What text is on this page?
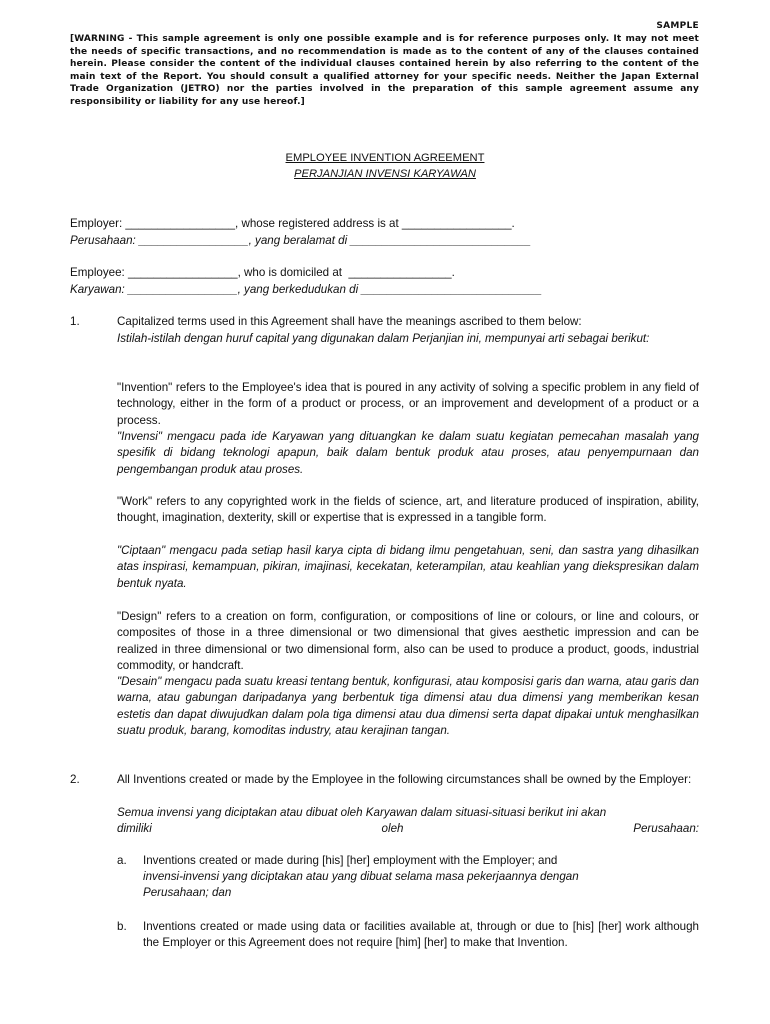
SAMPLE
[WARNING - This sample agreement is only one possible example and is for reference purposes only. It may not meet the needs of specific transactions, and no recommendation is made as to the content of any of the clauses contained herein. Please consider the content of the individual clauses contained herein by also referring to the content of the main text of the Report. You should consult a qualified attorney for your specific needs. Neither the Japan External Trade Organization (JETRO) nor the parties involved in the preparation of this sample agreement assume any responsibility or liability for any use hereof.]
EMPLOYEE INVENTION AGREEMENT
PERJANJIAN INVENSI KARYAWAN
Employer: _________________, whose registered address is at _________________.
Perusahaan: _________________, yang beralamat di ____________________________
Employee: _________________, who is domiciled at  ________________.
Karyawan: _________________, yang berkedudukan di ____________________________
1.	Capitalized terms used in this Agreement shall have the meanings ascribed to them below:
Istilah-istilah dengan huruf capital yang digunakan dalam Perjanjian ini, mempunyai arti sebagai berikut:
"Invention" refers to the Employee's idea that is poured in any activity of solving a specific problem in any field of technology, either in the form of a product or process, or an improvement and development of a product or a process.
"Invensi" mengacu pada ide Karyawan yang dituangkan ke dalam suatu kegiatan pemecahan masalah yang spesifik di bidang teknologi apapun, baik dalam bentuk produk atau proses, atau penyempurnaan dan pengembangan produk atau proses.
"Work" refers to any copyrighted work in the fields of science, art, and literature produced of inspiration, ability, thought, imagination, dexterity, skill or expertise that is expressed in a tangible form.
"Ciptaan" mengacu pada setiap hasil karya cipta di bidang ilmu pengetahuan, seni, dan sastra yang dihasilkan atas inspirasi, kemampuan, pikiran, imajinasi, kecekatan, keterampilan, atau keahlian yang diekspresikan dalam bentuk nyata.
"Design" refers to a creation on form, configuration, or compositions of line or colours, or line and colours, or composites of those in a three dimensional or two dimensional that gives aesthetic impression and can be realized in three dimensional or two dimensional form, also can be used to produce a product, goods, industrial commodity, or handcraft.
"Desain" mengacu pada suatu kreasi tentang bentuk, konfigurasi, atau komposisi garis dan warna, atau garis dan warna, atau gabungan daripadanya yang berbentuk tiga dimensi atau dua dimensi yang memberikan kesan estetis dan dapat diwujudkan dalam pola tiga dimensi atau dua dimensi serta dapat dipakai untuk menghasilkan suatu produk, barang, komoditas industry, atau kerajinan tangan.
2.	All Inventions created or made by the Employee in the following circumstances shall be owned by the Employer:
Semua invensi yang diciptakan atau dibuat oleh Karyawan dalam situasi-situasi berikut ini akan
dimiliki oleh Perusahaan:
a. Inventions created or made during [his] [her] employment with the Employer; and
invensi-invensi yang diciptakan atau yang dibuat selama masa pekerjaannya dengan Perusahaan; dan
b. Inventions created or made using data or facilities available at, through or due to [his] [her] work although the Employer or this Agreement does not require [him] [her] to make that Invention.
